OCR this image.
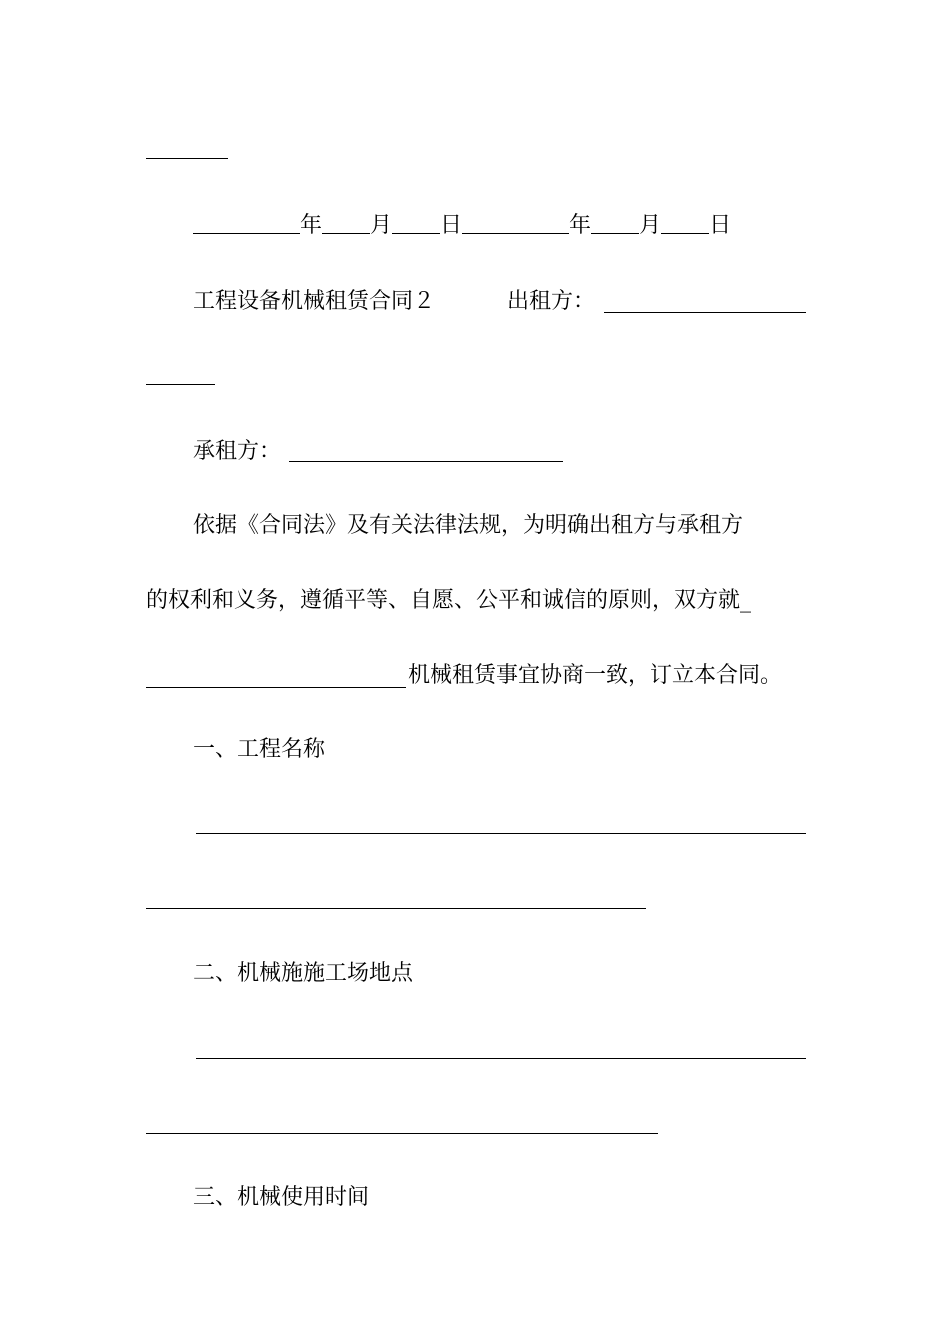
年 月 日	年 月 日
工程设备机械租赁合同２	出租方：
承租方：
依据《合同法》及有关法律法规，为明确出租方与承租方
的权利和义务，遵循平等、自愿、公平和诚信的原则，双方就_
机械租赁事宜协商一致，订立本合同。
一、工程名称
二、机械施施工场地点
三、机械使用时间
